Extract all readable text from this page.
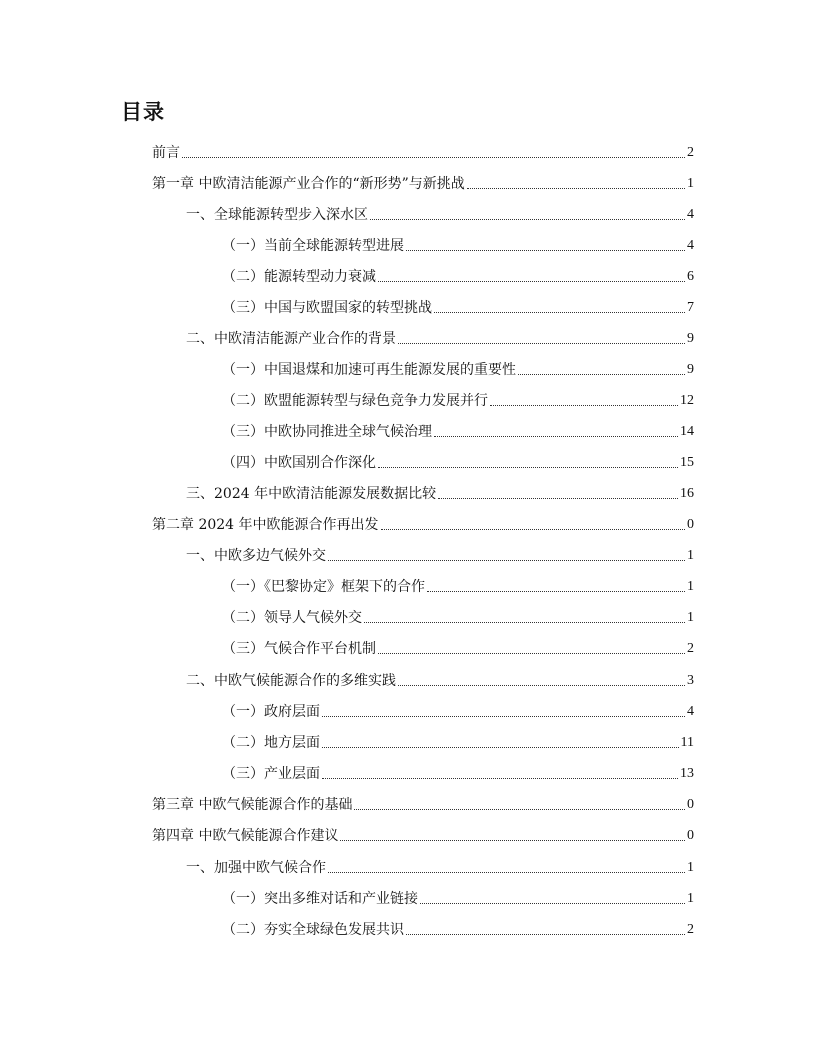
目录
前言	2
第一章 中欧清洁能源产业合作的“新形势”与新挑战	1
一、全球能源转型步入深水区	4
（一）当前全球能源转型进展	4
（二）能源转型动力衰减	6
（三）中国与欧盟国家的转型挑战	7
二、中欧清洁能源产业合作的背景	9
（一）中国退煤和加速可再生能源发展的重要性	9
（二）欧盟能源转型与绿色竞争力发展并行	12
（三）中欧协同推进全球气候治理	14
（四）中欧国别合作深化	15
三、2024 年中欧清洁能源发展数据比较	16
第二章 2024 年中欧能源合作再出发	0
一、中欧多边气候外交	1
（一）《巴黎协定》框架下的合作	1
（二）领导人气候外交	1
（三）气候合作平台机制	2
二、中欧气候能源合作的多维实践	3
（一）政府层面	4
（二）地方层面	11
（三）产业层面	13
第三章 中欧气候能源合作的基础	0
第四章 中欧气候能源合作建议	0
一、加强中欧气候合作	1
（一）突出多维对话和产业链接	1
（二）夯实全球绿色发展共识	2
